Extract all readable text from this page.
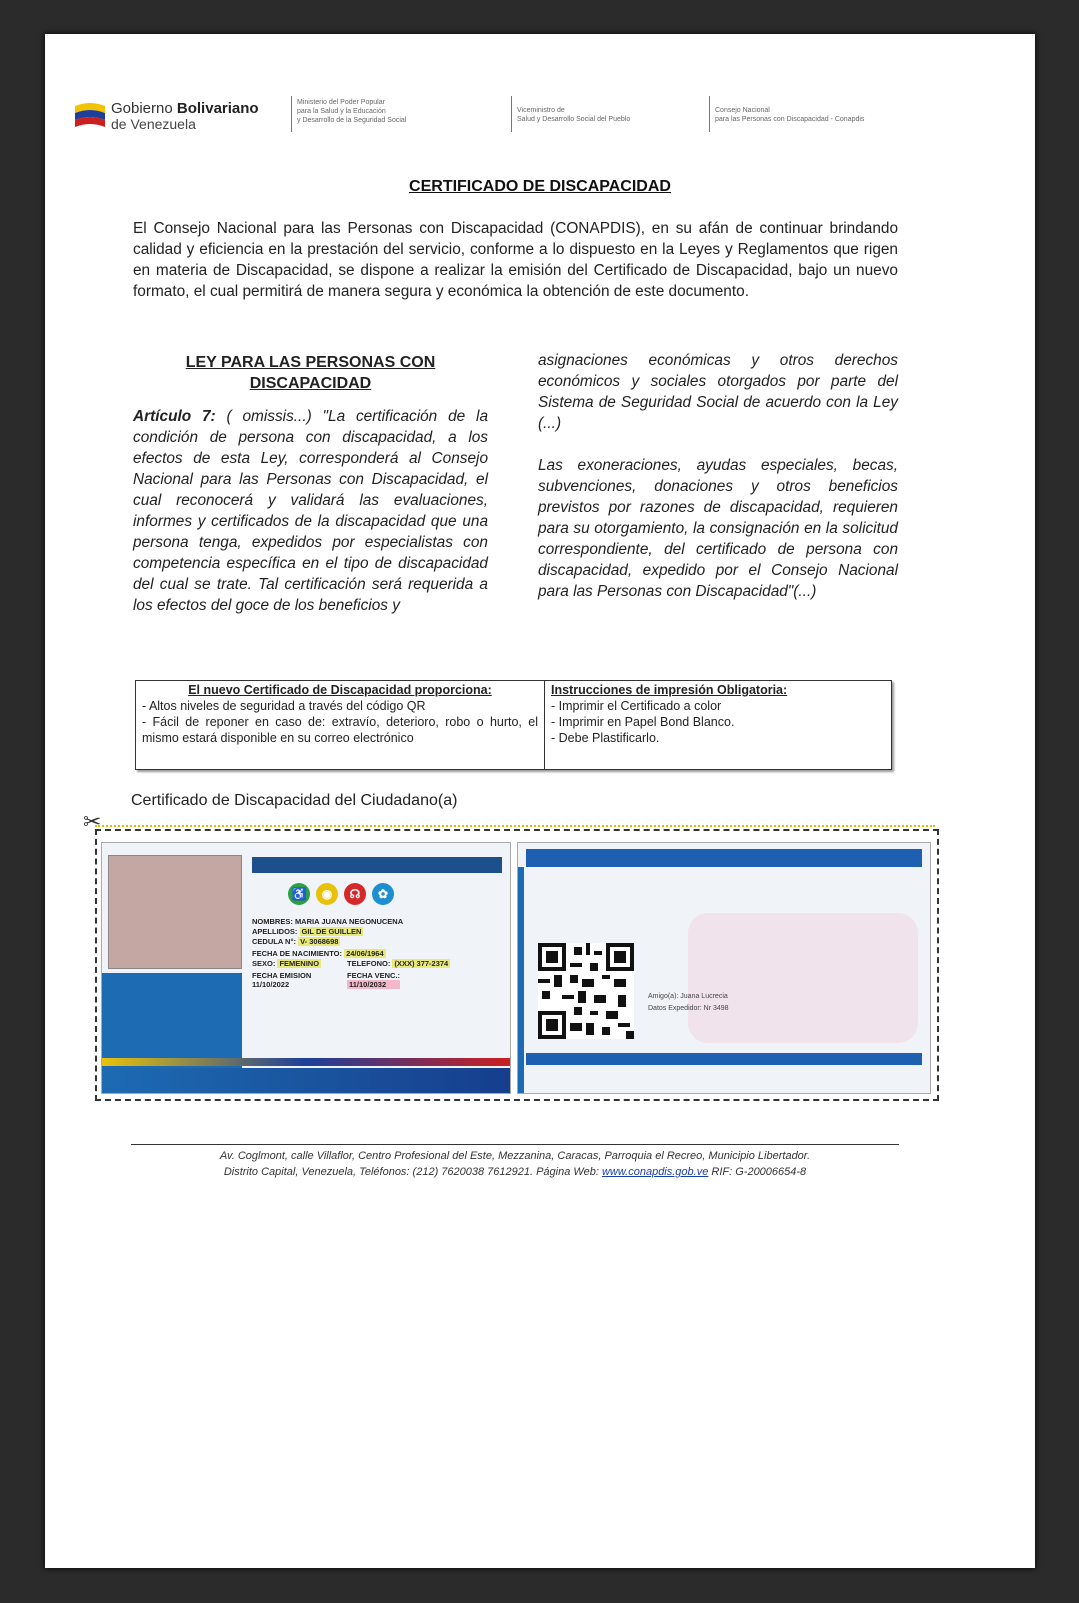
Gobierno Bolivariano
de Venezuela
Ministerio del Poder Popular
para la Salud y la Educación
y Desarrollo de la Seguridad Social
Viceministro de
Salud y Desarrollo Social del Pueblo
Consejo Nacional
para las Personas con Discapacidad - Conapdis
CERTIFICADO DE DISCAPACIDAD
El Consejo Nacional para las Personas con Discapacidad (CONAPDIS), en su afán de continuar brindando calidad y eficiencia en la prestación del servicio, conforme a lo dispuesto en la Leyes y Reglamentos que rigen en materia de Discapacidad, se dispone a realizar la emisión del Certificado de Discapacidad, bajo un nuevo formato, el cual permitirá de manera segura y económica la obtención de este documento.
LEY PARA LAS PERSONAS CON DISCAPACIDAD
Artículo 7: ( omissis...) "La certificación de la condición de persona con discapacidad, a los efectos de esta Ley, corresponderá al Consejo Nacional para las Personas con Discapacidad, el cual reconocerá y validará las evaluaciones, informes y certificados de la discapacidad que una persona tenga, expedidos por especialistas con competencia específica en el tipo de discapacidad del cual se trate. Tal certificación será requerida a los efectos del goce de los beneficios y

asignaciones económicas y otros derechos económicos y sociales otorgados por parte del Sistema de Seguridad Social de acuerdo con la Ley (...)

Las exoneraciones, ayudas especiales, becas, subvenciones, donaciones y otros beneficios previstos por razones de discapacidad, requieren para su otorgamiento, la consignación en la solicitud correspondiente, del certificado de persona con discapacidad, expedido por el Consejo Nacional para las Personas con Discapacidad"(...)

El nuevo Certificado de Discapacidad proporciona:
- Altos niveles de seguridad a través del código QR
- Fácil de reponer en caso de: extravío, deterioro, robo o hurto, el mismo estará disponible en su correo electrónico
Instrucciones de impresión Obligatoria:
- Imprimir el Certificado a color
- Imprimir en Papel Bond Blanco.
- Debe Plastificarlo.
Certificado de Discapacidad del Ciudadano(a)
✂
♿	◉	☊	✿
NOMBRES: MARIA JUANA NEGONUCENA
APELLIDOS: GIL DE GUILLEN
CEDULA N°: V- 3068698
FECHA DE NACIMIENTO: 24/06/1964
SEXO: FEMENINO	TELEFONO: (XXX) 377-2374
FECHA EMISION
11/10/2022
FECHA VENC.:
11/10/2032
Amigo(a): Juana Lucrecia
Datos Expedidor: Nr 3498
Av. Coglmont, calle Villaflor, Centro Profesional del Este, Mezzanina, Caracas, Parroquia el Recreo, Municipio Libertador.
Distrito Capital, Venezuela, Teléfonos: (212) 7620038 7612921. Página Web: www.conapdis.gob.ve RIF: G-20006654-8
